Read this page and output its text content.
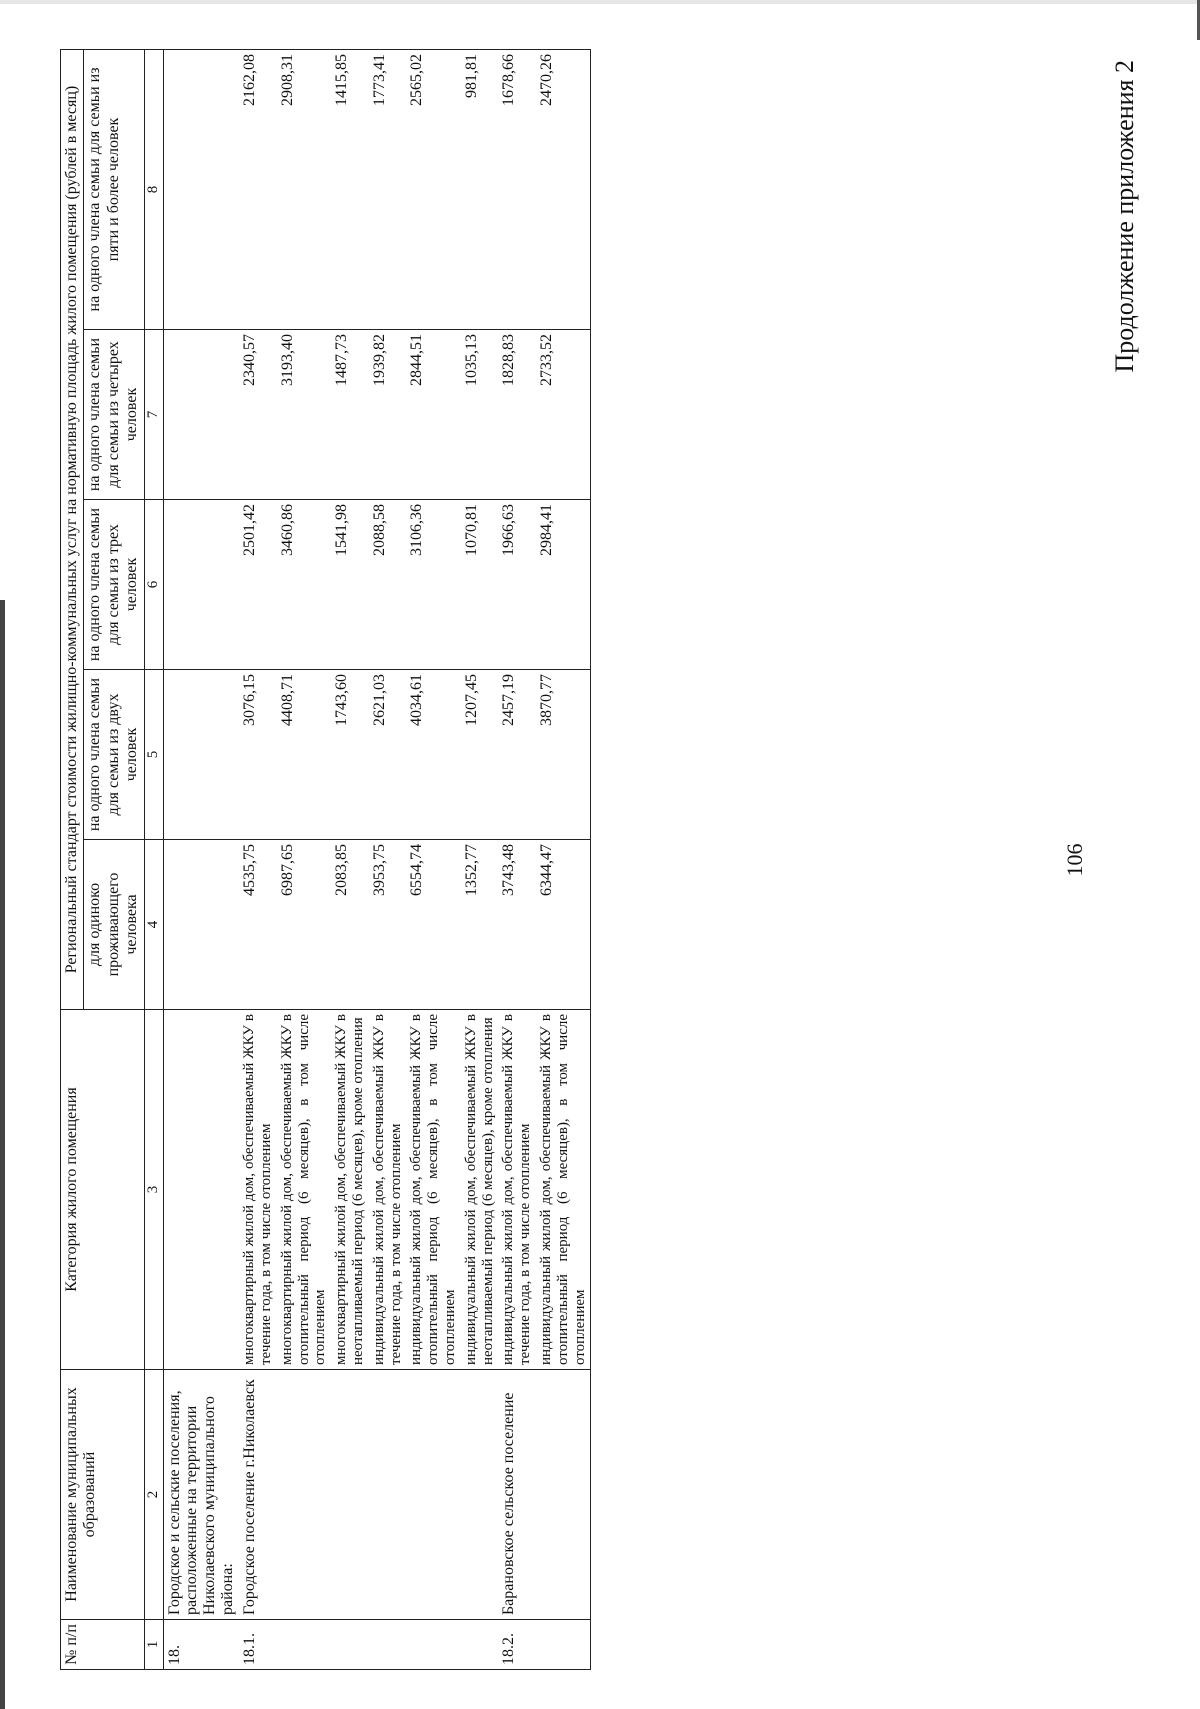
106
Продолжение приложения 2
№ п/п	Наименование муниципальных образований	Категория жилого помещения	Региональный стандарт стоимости жилищно-коммунальных услуг на нормативную площадь жилого помещения (рублей в месяц)				
			для одиноко проживающего человека	на одного члена семьи для семьи из двух человек	на одного члена семьи для семьи из трех человек	на одного члена семьи для семьи из четырех человек	на одного члена семьи для семьи из пяти и более человек
1	2	3	4	5	6	7	8
18.	Городское и сельские поселения, расположенные на территории Николаевского муниципального района:						
18.1.	Городское поселение г.Николаевск	многоквартирный жилой дом, обеспечиваемый ЖКУ в течение года, в том числе отоплением	4535,75	3076,15	2501,42	2340,57	2162,08
		многоквартирный жилой дом, обеспечиваемый ЖКУ в отопительный период (6 месяцев), в том числе отоплением	6987,65	4408,71	3460,86	3193,40	2908,31
		многоквартирный жилой дом, обеспечиваемый ЖКУ в неотапливаемый период (6 месяцев), кроме отопления	2083,85	1743,60	1541,98	1487,73	1415,85
		индивидуальный жилой дом, обеспечиваемый ЖКУ в течение года, в том числе отоплением	3953,75	2621,03	2088,58	1939,82	1773,41
		индивидуальный жилой дом, обеспечиваемый ЖКУ в отопительный период (6 месяцев), в том числе отоплением	6554,74	4034,61	3106,36	2844,51	2565,02
		индивидуальный жилой дом, обеспечиваемый ЖКУ в неотапливаемый период (6 месяцев), кроме отопления	1352,77	1207,45	1070,81	1035,13	981,81
18.2.	Барановское сельское поселение	индивидуальный жилой дом, обеспечиваемый ЖКУ в течение года, в том числе отоплением	3743,48	2457,19	1966,63	1828,83	1678,66
		индивидуальный жилой дом, обеспечиваемый ЖКУ в отопительный период (6 месяцев), в том числе отоплением	6344,47	3870,77	2984,41	2733,52	2470,26
